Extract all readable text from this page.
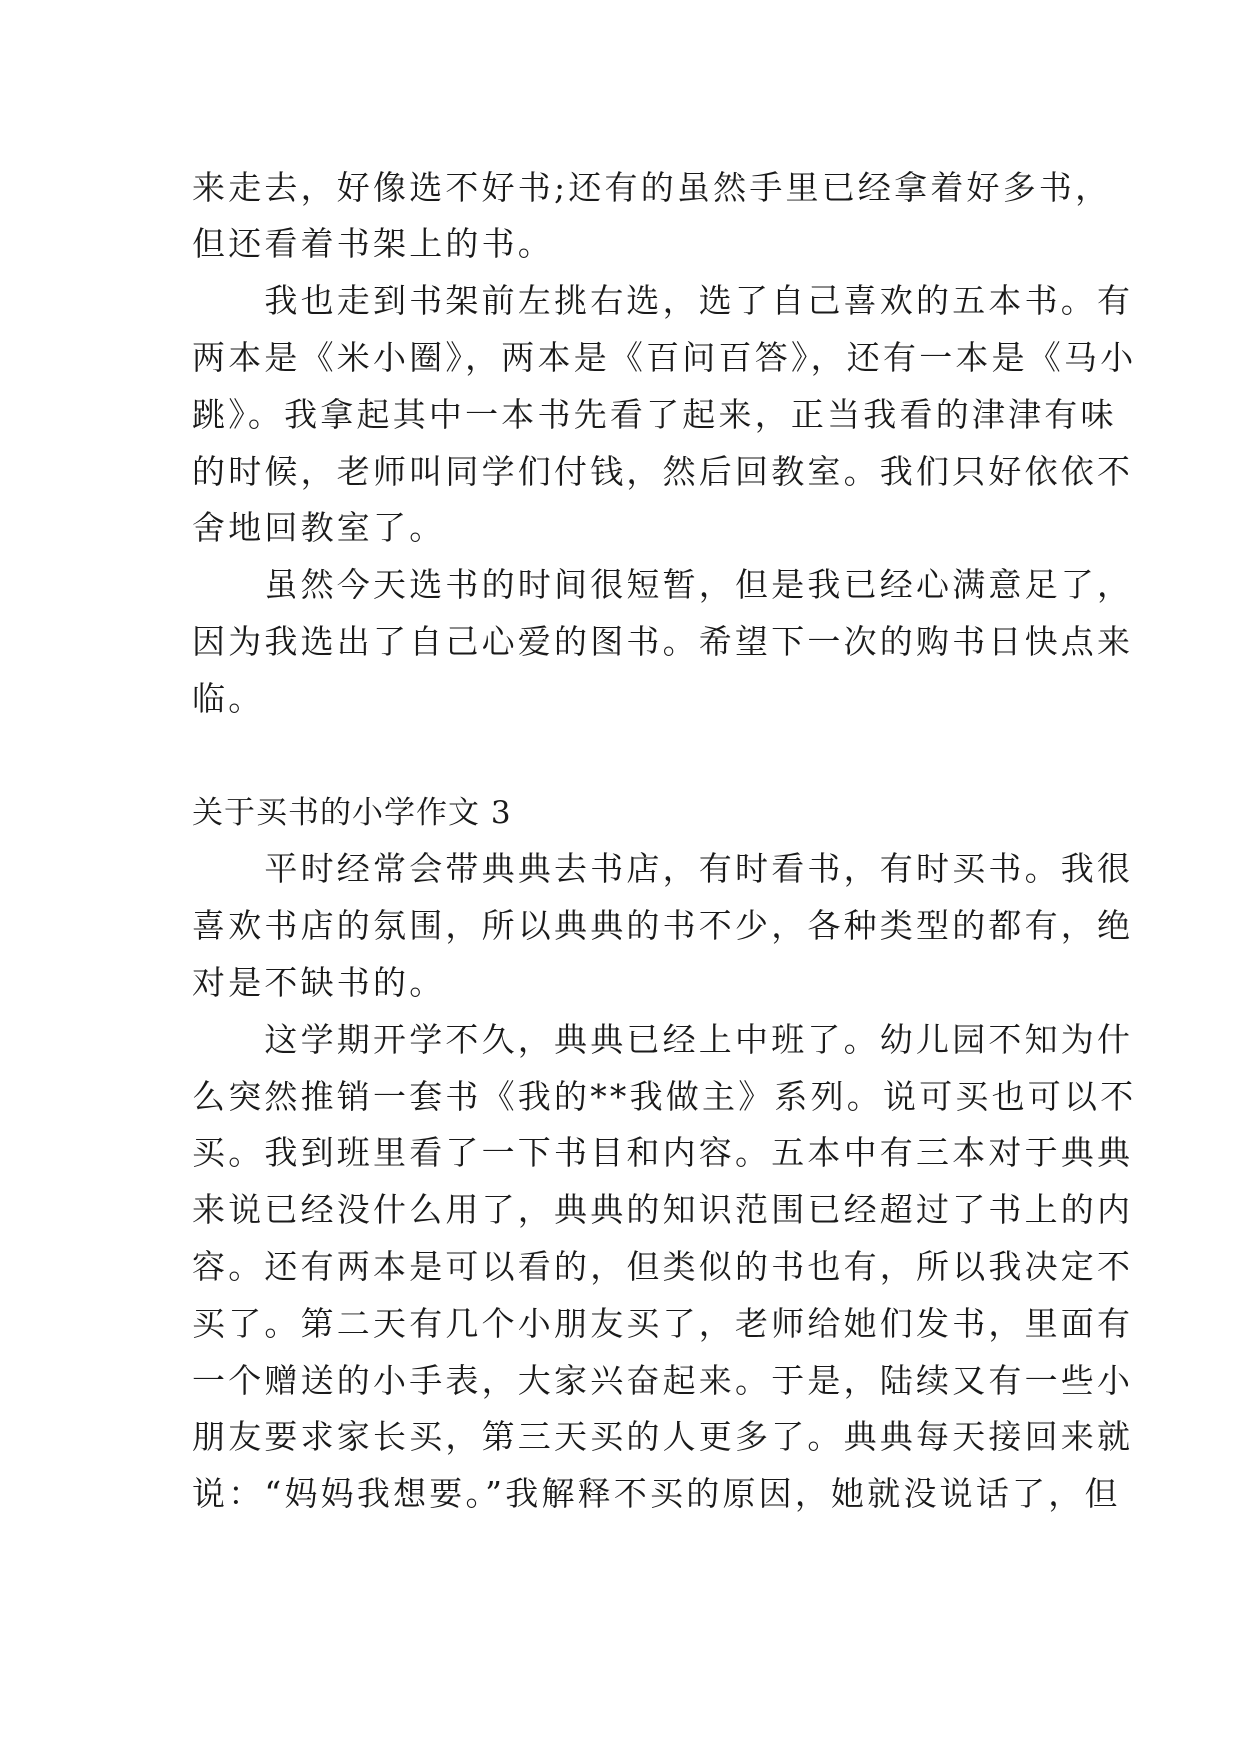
来走去，好像选不好书;还有的虽然手里已经拿着好多书，
但还看着书架上的书。
　　我也走到书架前左挑右选，选了自己喜欢的五本书。有
两本是《米小圈》，两本是《百问百答》，还有一本是《马小
跳》。我拿起其中一本书先看了起来，正当我看的津津有味
的时候，老师叫同学们付钱，然后回教室。我们只好依依不
舍地回教室了。
　　虽然今天选书的时间很短暂，但是我已经心满意足了，
因为我选出了自己心爱的图书。希望下一次的购书日快点来
临。
关于买书的小学作文 3
　　平时经常会带典典去书店，有时看书，有时买书。我很
喜欢书店的氛围，所以典典的书不少，各种类型的都有，绝
对是不缺书的。
　　这学期开学不久，典典已经上中班了。幼儿园不知为什
么突然推销一套书《我的**我做主》系列。说可买也可以不
买。我到班里看了一下书目和内容。五本中有三本对于典典
来说已经没什么用了，典典的知识范围已经超过了书上的内
容。还有两本是可以看的，但类似的书也有，所以我决定不
买了。第二天有几个小朋友买了，老师给她们发书，里面有
一个赠送的小手表，大家兴奋起来。于是，陆续又有一些小
朋友要求家长买，第三天买的人更多了。典典每天接回来就
说：“妈妈我想要。”我解释不买的原因，她就没说话了，但
